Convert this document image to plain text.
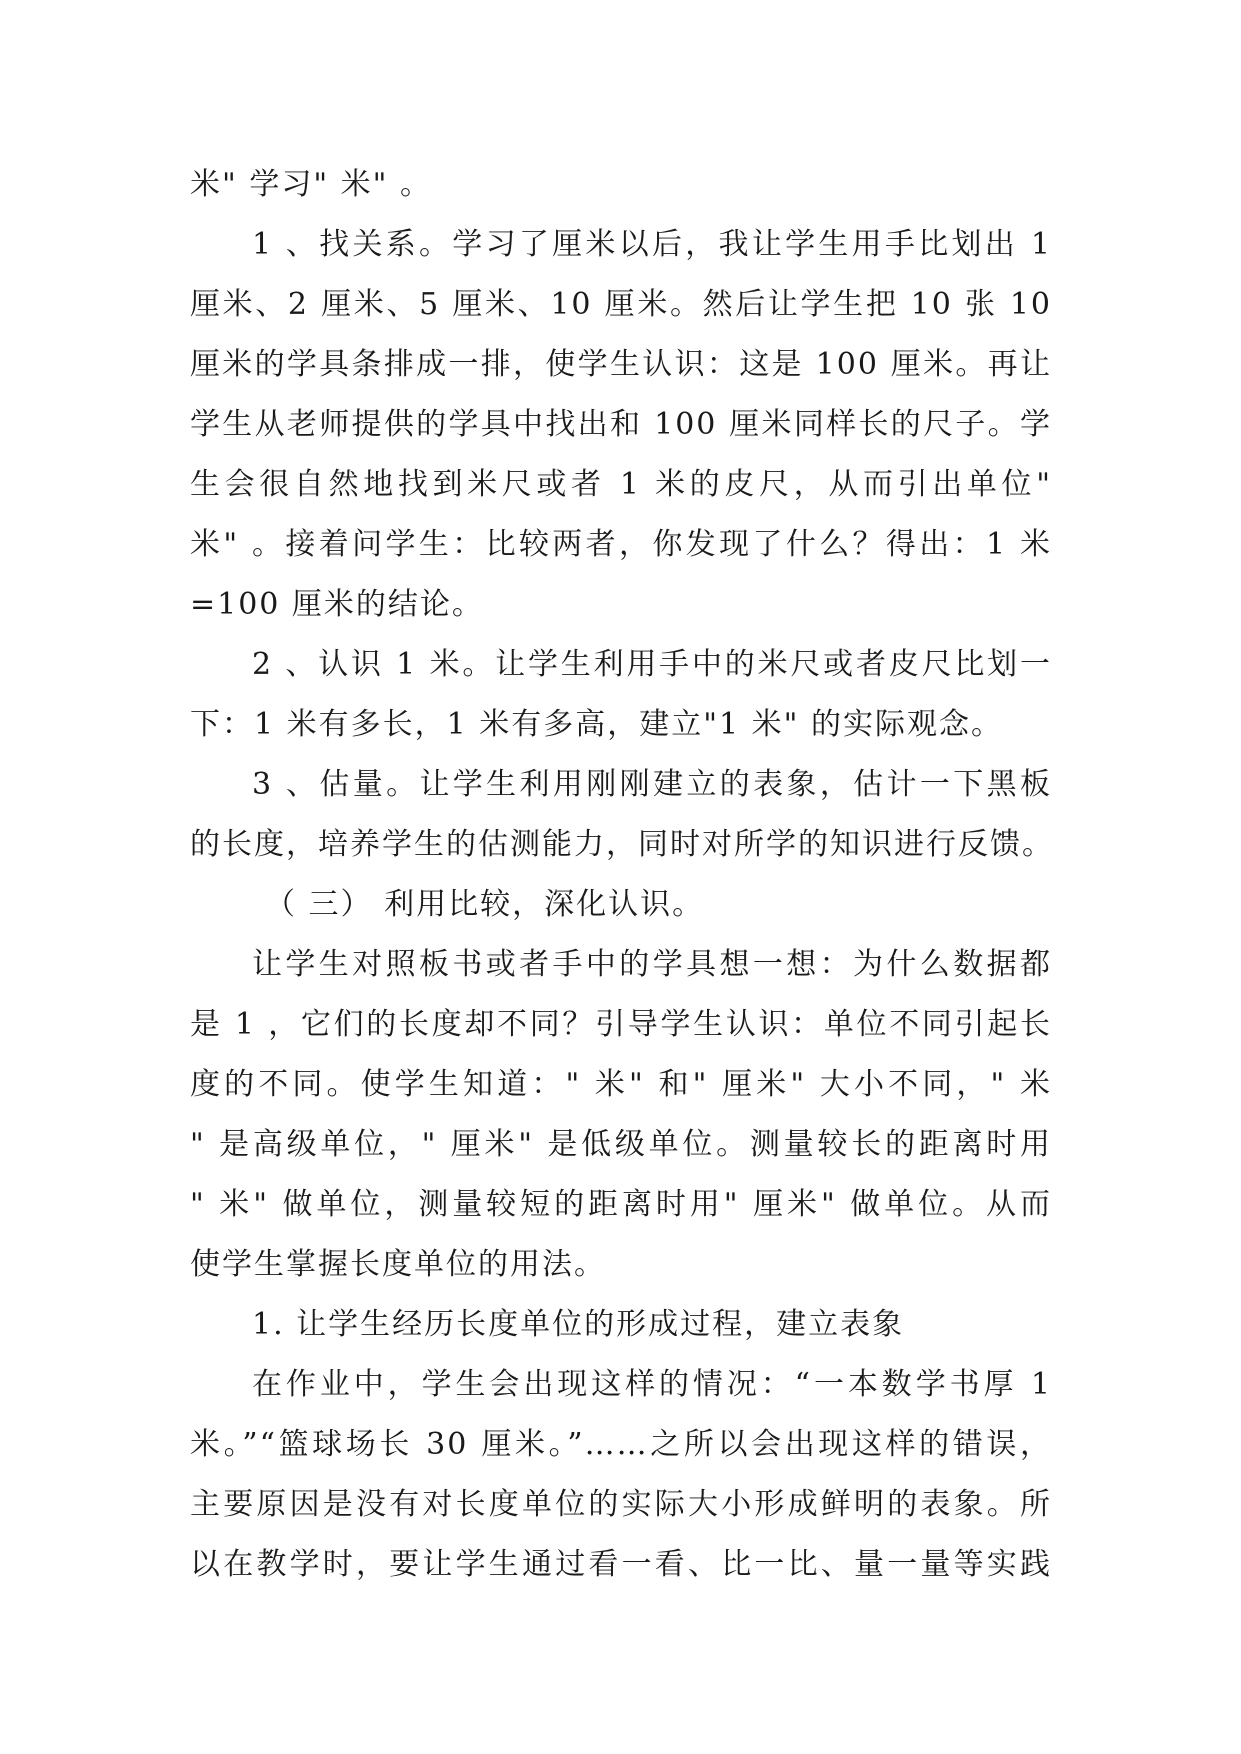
米" 学习" 米" 。
1 、找关系。学习了厘米以后，我让学生用手比划出 1
厘米、2 厘米、5 厘米、10 厘米。然后让学生把 10 张 10
厘米的学具条排成一排，使学生认识：这是 100 厘米。再让
学生从老师提供的学具中找出和 100 厘米同样长的尺子。学
生会很自然地找到米尺或者 1 米的皮尺，从而引出单位"
米" 。接着问学生：比较两者，你发现了什么？得出：1 米
=100 厘米的结论。
2 、认识 1 米。让学生利用手中的米尺或者皮尺比划一
下：1 米有多长，1 米有多高，建立"1 米" 的实际观念。
3 、估量。让学生利用刚刚建立的表象，估计一下黑板
的长度，培养学生的估测能力，同时对所学的知识进行反馈。
（ 三） 利用比较，深化认识。
让学生对照板书或者手中的学具想一想：为什么数据都
是 1 ，它们的长度却不同？引导学生认识：单位不同引起长
度的不同。使学生知道：" 米" 和" 厘米" 大小不同，" 米
" 是高级单位，" 厘米" 是低级单位。测量较长的距离时用
" 米" 做单位，测量较短的距离时用" 厘米" 做单位。从而
使学生掌握长度单位的用法。
1. 让学生经历长度单位的形成过程，建立表象
在作业中，学生会出现这样的情况：“一本数学书厚 1
米。”“篮球场长 30 厘米。”……之所以会出现这样的错误，
主要原因是没有对长度单位的实际大小形成鲜明的表象。所
以在教学时，要让学生通过看一看、比一比、量一量等实践
